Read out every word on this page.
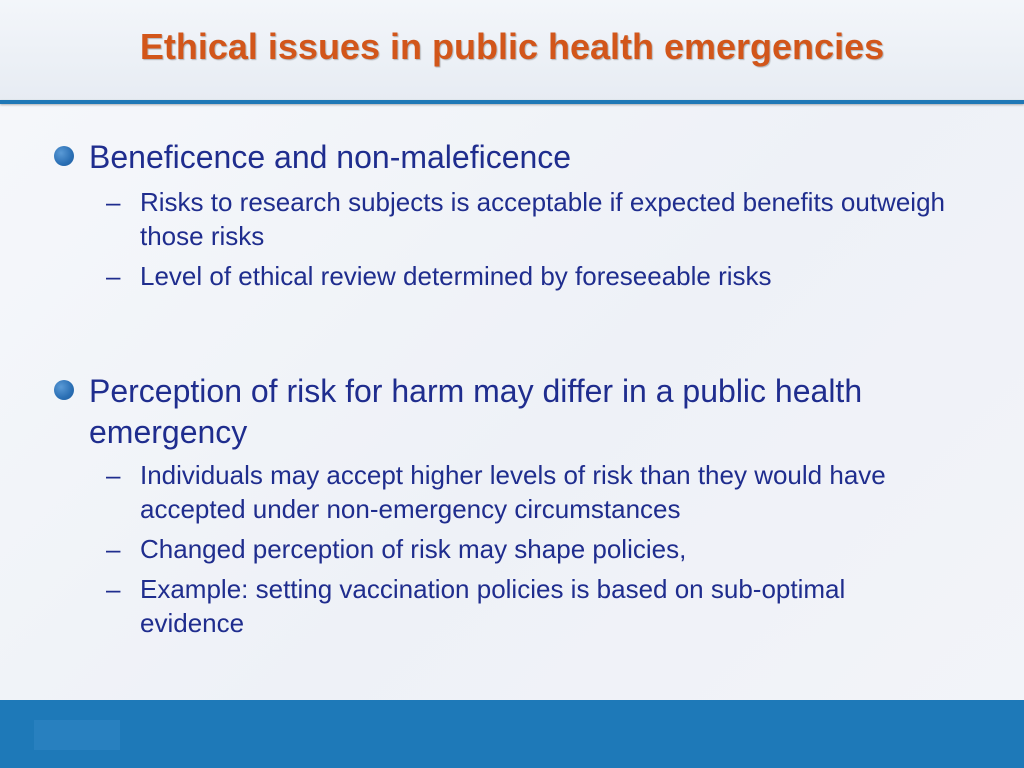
Ethical issues in public health emergencies
Beneficence and non-maleficence
– Risks to research subjects is acceptable if expected benefits outweigh those risks
– Level of ethical review determined by foreseeable risks
Perception of risk for harm may differ in a public health emergency
– Individuals may accept higher levels of risk than they would have accepted under non-emergency circumstances
– Changed perception of risk may shape policies,
– Example: setting vaccination policies is based on sub-optimal evidence
